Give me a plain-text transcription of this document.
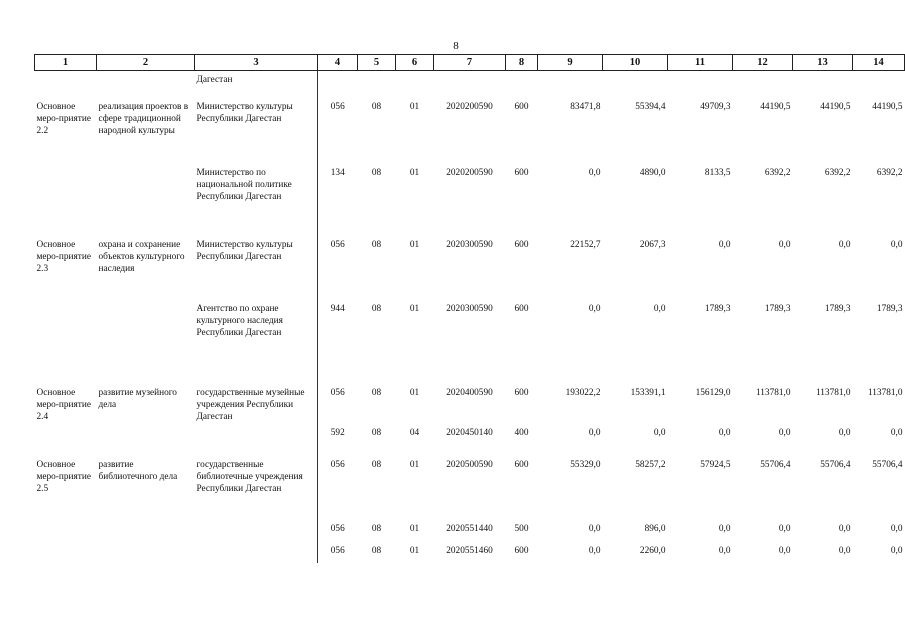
8
1	2	3	4	5	6	7	8	9	10	11	12	13	14
		Дагестан											
Основное меро-приятие 2.2	реализация проектов в сфере традиционной народной культуры	Министерство культуры Республики Дагестан	056	08	01	2020200590	600	83471,8	55394,4	49709,3	44190,5	44190,5	44190,5
		Министерство по национальной политике Республики Дагестан	134	08	01	2020200590	600	0,0	4890,0	8133,5	6392,2	6392,2	6392,2
Основное меро-приятие 2.3	охрана и сохранение объектов культурного наследия	Министерство культуры Республики Дагестан	056	08	01	2020300590	600	22152,7	2067,3	0,0	0,0	0,0	0,0
		Агентство по охране культурного наследия Республики Дагестан	944	08	01	2020300590	600	0,0	0,0	1789,3	1789,3	1789,3	1789,3
Основное меро-приятие 2.4	развитие музейного дела	государственные музейные учреждения Республики Дагестан	056	08	01	2020400590	600	193022,2	153391,1	156129,0	113781,0	113781,0	113781,0
			592	08	04	2020450140	400	0,0	0,0	0,0	0,0	0,0	0,0
Основное меро-приятие 2.5	развитие библиотечного дела	государственные библиотечные учреждения Республики Дагестан	056	08	01	2020500590	600	55329,0	58257,2	57924,5	55706,4	55706,4	55706,4
			056	08	01	2020551440	500	0,0	896,0	0,0	0,0	0,0	0,0
			056	08	01	2020551460	600	0,0	2260,0	0,0	0,0	0,0	0,0
